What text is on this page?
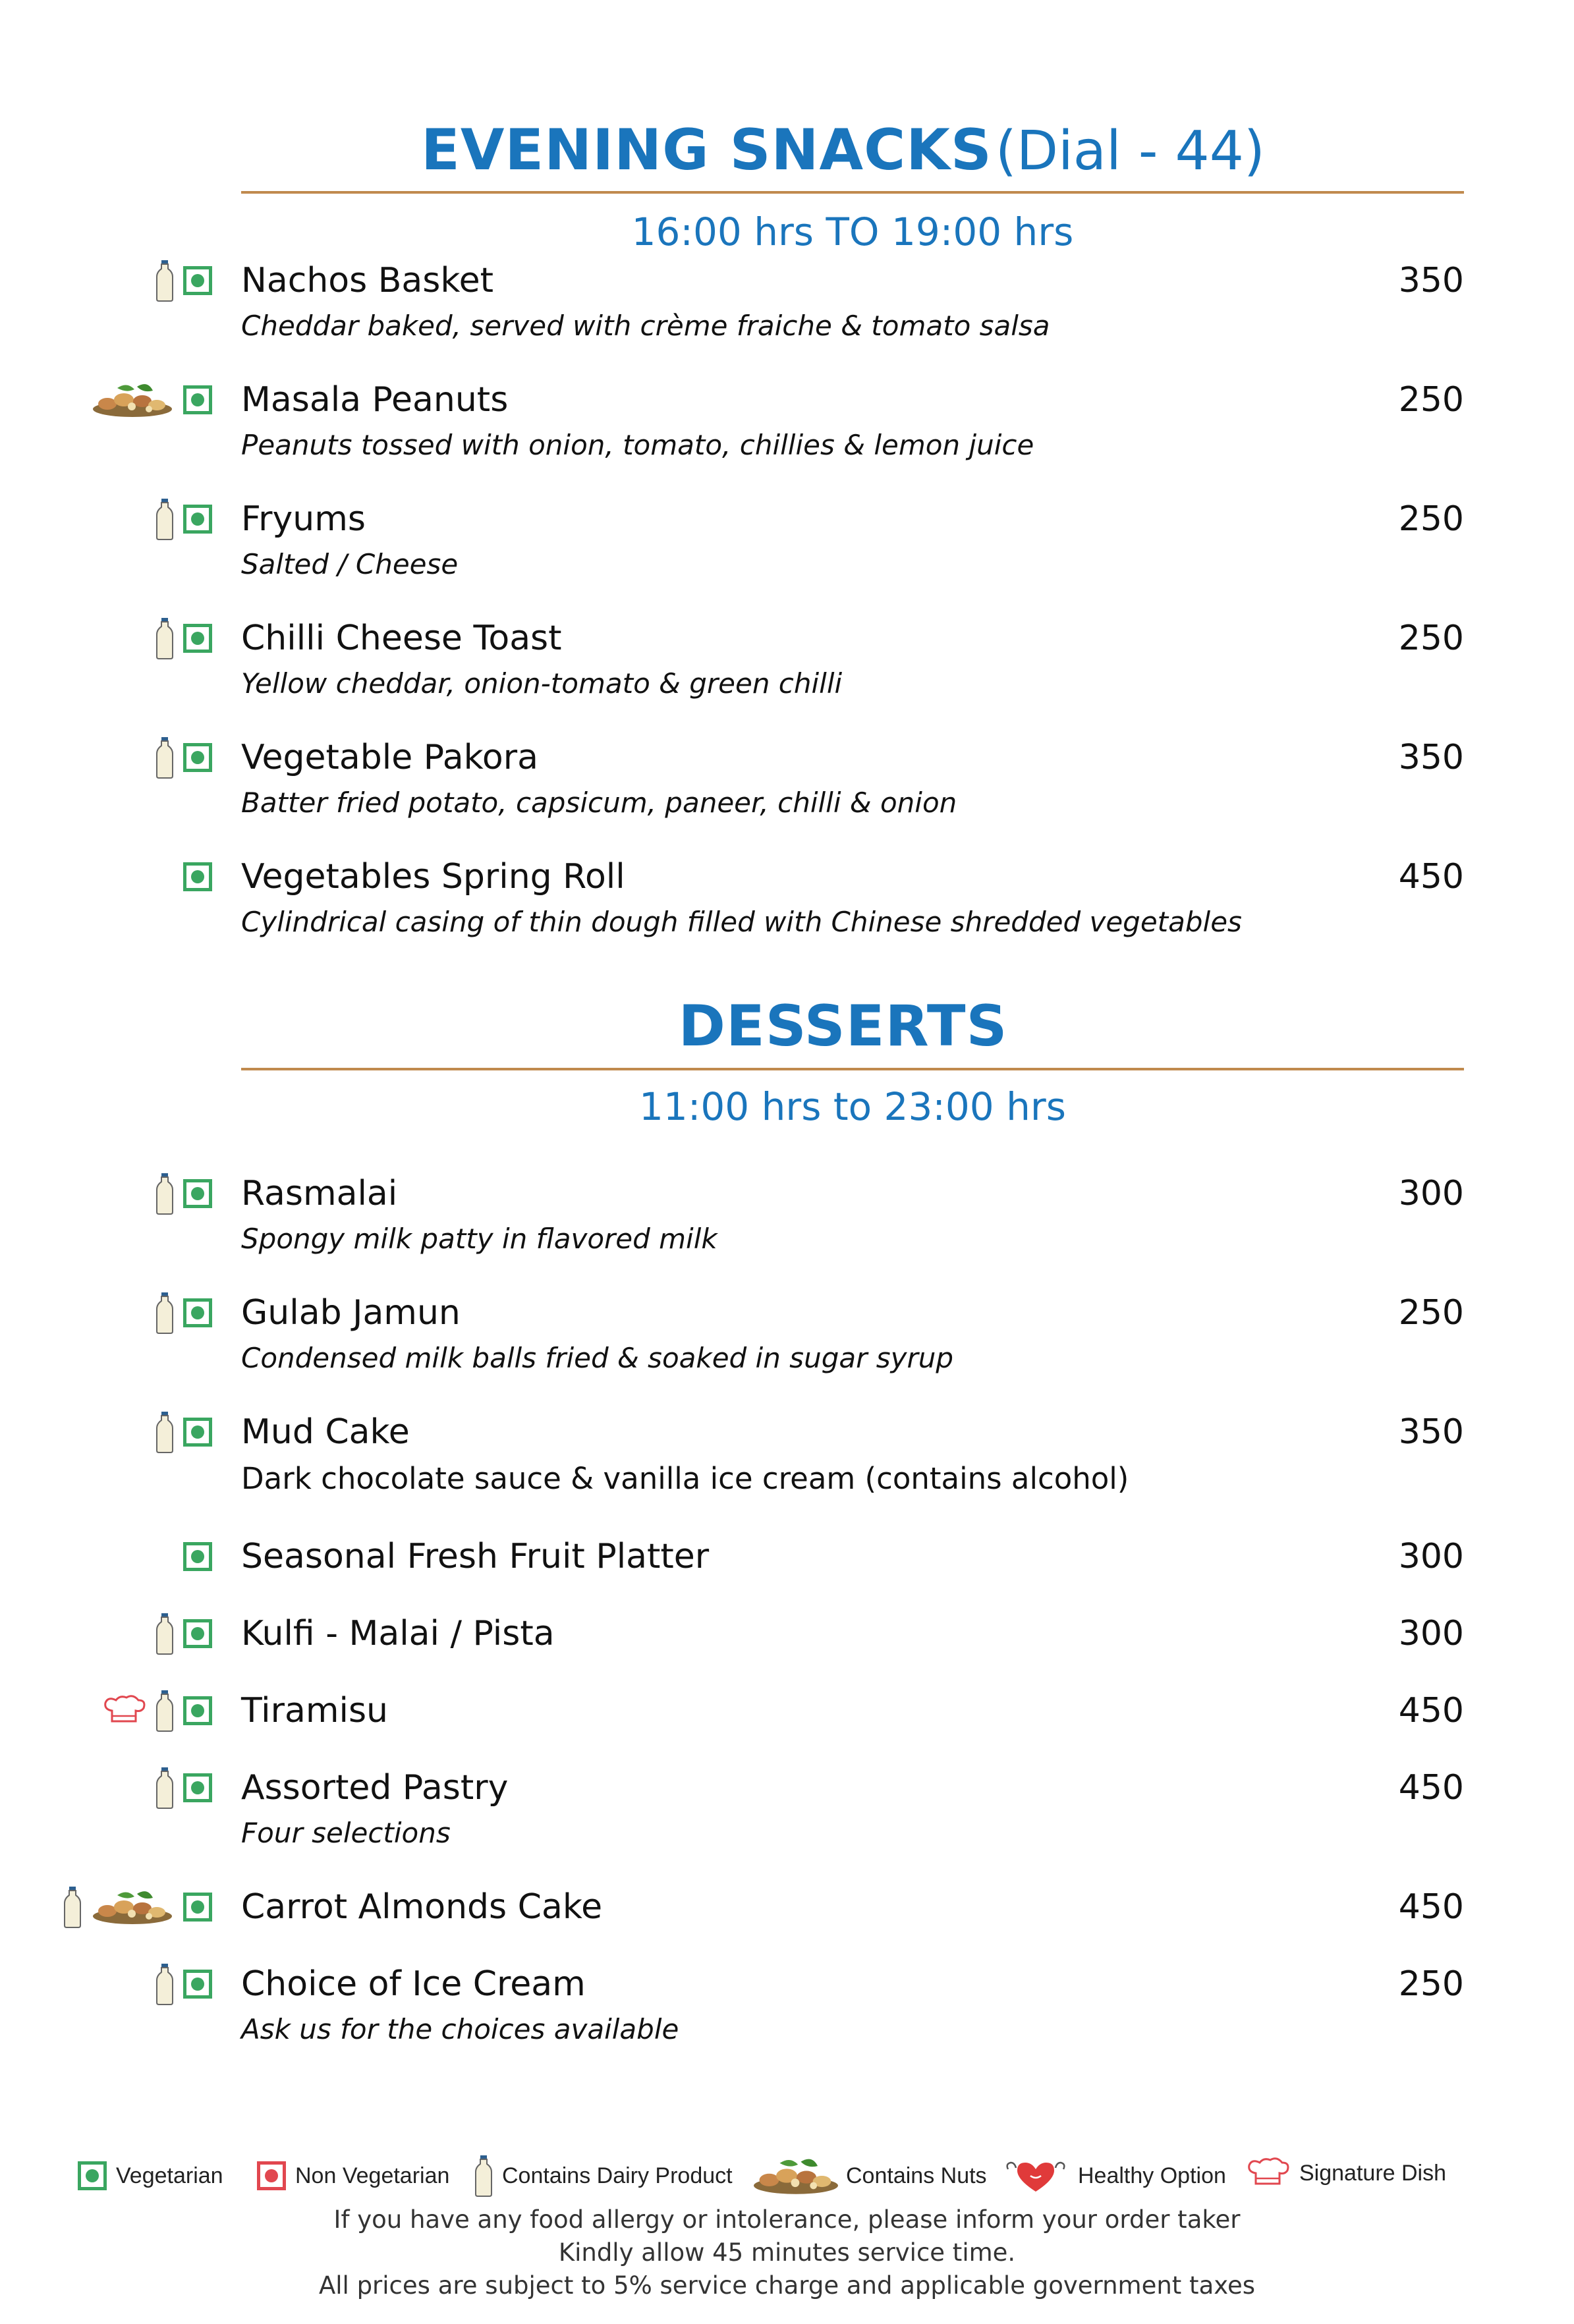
EVENING SNACKS (Dial - 44)
16:00 hrs TO 19:00 hrs
Nachos Basket	350
Cheddar baked, served with crème fraiche & tomato salsa
Masala Peanuts	250
Peanuts tossed with onion, tomato, chillies & lemon juice
Fryums	250
Salted / Cheese
Chilli Cheese Toast	250
Yellow cheddar, onion-tomato & green chilli
Vegetable Pakora	350
Batter fried potato, capsicum, paneer, chilli & onion
Vegetables Spring Roll	450
Cylindrical casing of thin dough filled with Chinese shredded vegetables
DESSERTS
11:00 hrs to 23:00 hrs
Rasmalai	300
Spongy milk patty in flavored milk
Gulab Jamun	250
Condensed milk balls fried & soaked in sugar syrup
Mud Cake	350
Dark chocolate sauce & vanilla ice cream (contains alcohol)
Seasonal Fresh Fruit Platter	300
Kulfi - Malai / Pista	300
Tiramisu	450
Assorted Pastry	450
Four selections
Carrot Almonds Cake	450
Choice of Ice Cream	250
Ask us for the choices available
Vegetarian	Non Vegetarian Contains Dairy Product	Contains Nuts	Healthy Option	Signature Dish
If you have any food allergy or intolerance, please inform your order taker
Kindly allow 45 minutes service time.
All prices are subject to 5% service charge and applicable government taxes
